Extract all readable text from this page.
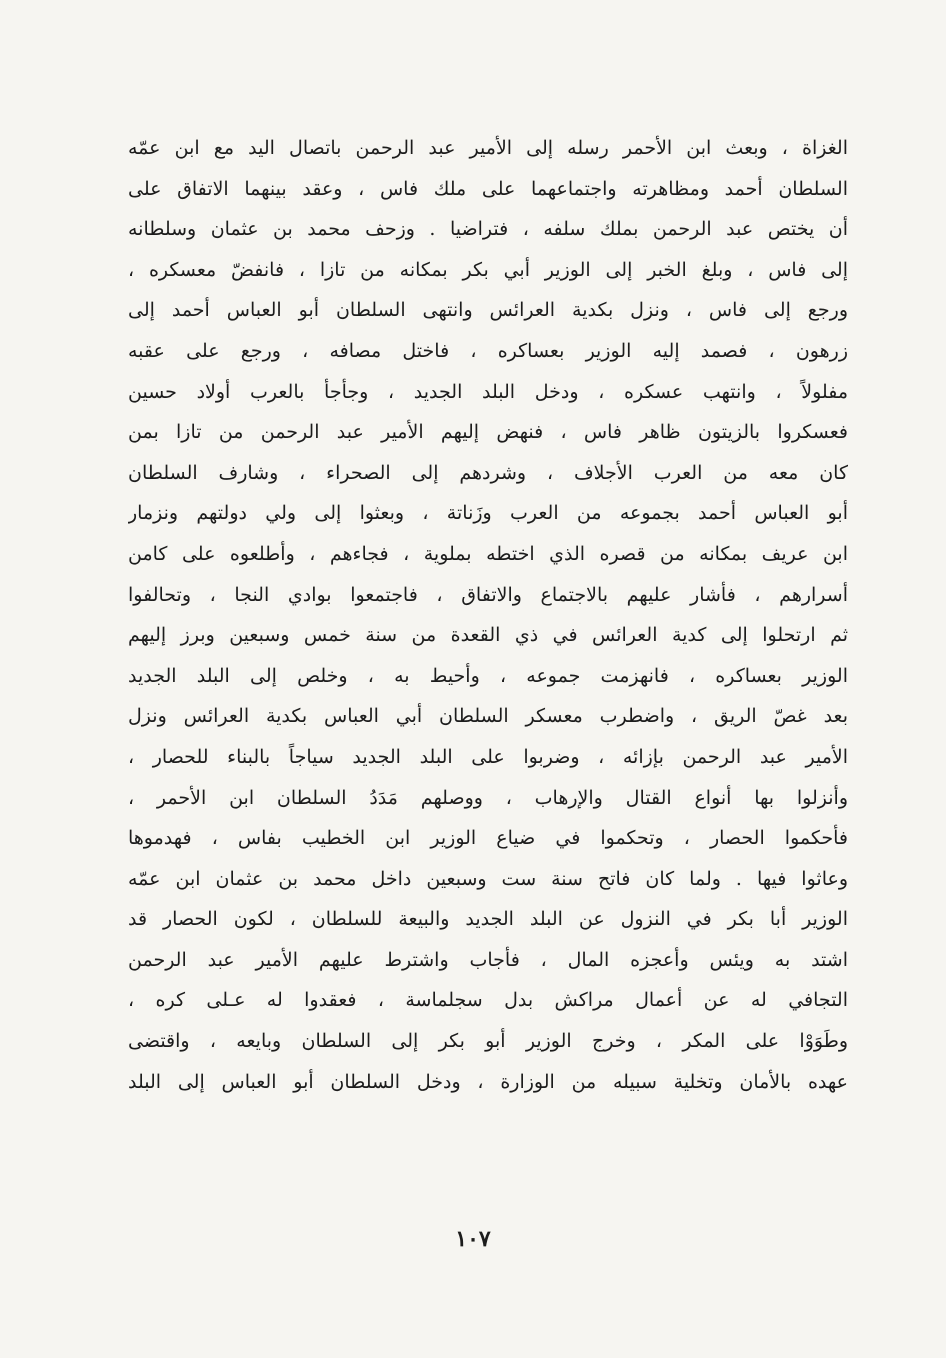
الغزاة ، وبعث ابن الأحمر رسله إلى الأمير عبد الرحمن باتصال اليد مع ابن عمّه
السلطان أحمد ومظاهرته واجتماعهما على ملك فاس ، وعقد بينهما الاتفاق على
أن يختص عبد الرحمن بملك سلفه ، فتراضيا . وزحف محمد بن عثمان وسلطانه
إلى فاس ، وبلغ الخبر إلى الوزير أبي بكر بمكانه من تازا ، فانفضّ معسكره ،
ورجع إلى فاس ، ونزل بكدية العرائس وانتهى السلطان أبو العباس أحمد إلى
زرهون ، فصمد إليه الوزير بعساكره ، فاختل مصافه ، ورجع على عقبه
مفلولاً ، وانتهب عسكره ، ودخل البلد الجديد ، وجأجأ بالعرب أولاد حسين
فعسكروا بالزيتون ظاهر فاس ، فنهض إليهم الأمير عبد الرحمن من تازا بمن
كان معه من العرب الأجلاف ، وشردهم إلى الصحراء ، وشارف السلطان
أبو العباس أحمد بجموعه من العرب وزَناتة ، وبعثوا إلى ولي دولتهم ونزمار
ابن عريف بمكانه من قصره الذي اختطه بملوية ، فجاءهم ، وأطلعوه على كامن
أسرارهم ، فأشار عليهم بالاجتماع والاتفاق ، فاجتمعوا بوادي النجا ، وتحالفوا
ثم ارتحلوا إلى كدية العرائس في ذي القعدة من سنة خمس وسبعين وبرز إليهم
الوزير بعساكره ، فانهزمت جموعه ، وأحيط به ، وخلص إلى البلد الجديد
بعد غصّ الريق ، واضطرب معسكر السلطان أبي العباس بكدية العرائس ونزل
الأمير عبد الرحمن بإزائه ، وضربوا على البلد الجديد سياجاً بالبناء للحصار ،
وأنزلوا بها أنواع القتال والإرهاب ، ووصلهم مَدَدُ السلطان ابن الأحمر ،
فأحكموا الحصار ، وتحكموا في ضياع الوزير ابن الخطيب بفاس ، فهدموها
وعاثوا فيها . ولما كان فاتح سنة ست وسبعين داخل محمد بن عثمان ابن عمّه
الوزير أبا بكر في النزول عن البلد الجديد والبيعة للسلطان ، لكون الحصار قد
اشتد به ويئس وأعجزه المال ، فأجاب واشترط عليهم الأمير عبد الرحمن
التجافي له عن أعمال مراكش بدل سجلماسة ، فعقدوا له عـلى كره ،
وطَوَوْا على المكر ، وخرج الوزير أبو بكر إلى السلطان وبايعه ، واقتضى
عهده بالأمان وتخلية سبيله من الوزارة ، ودخل السلطان أبو العباس إلى البلد
١٠٧
